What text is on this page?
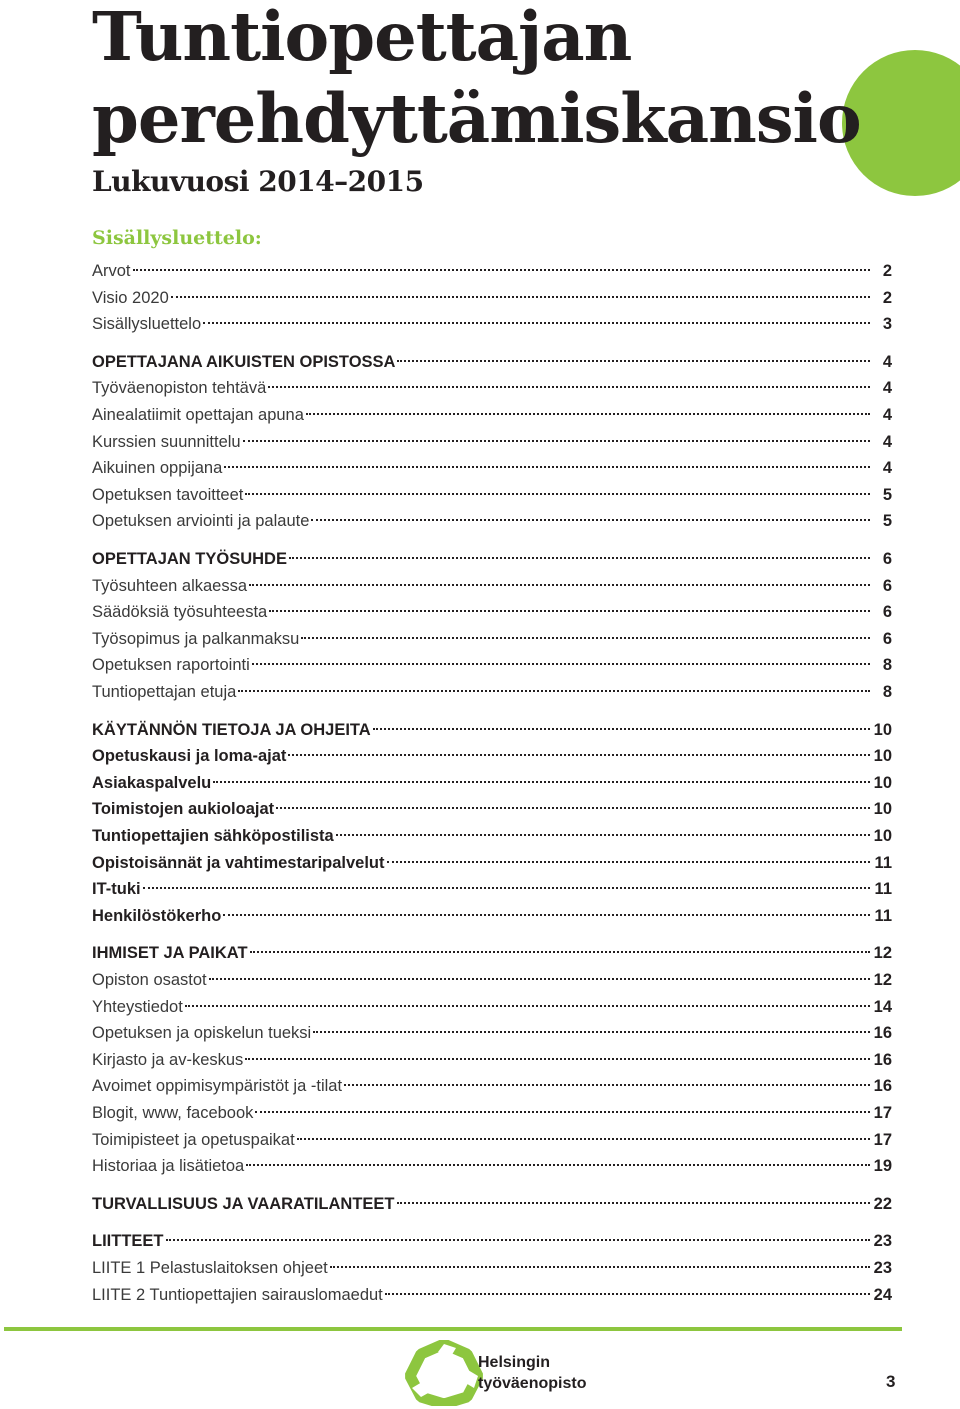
Tuntiopettajan
perehdyttämiskansio
Lukuvuosi 2014–2015
Sisällysluettelo:
Arvot	2
Visio 2020	2
Sisällysluettelo	3
OPETTAJANA AIKUISTEN OPISTOSSA	4
Työväenopiston tehtävä	4
Ainealatiimit opettajan apuna	4
Kurssien suunnittelu	4
Aikuinen oppijana	4
Opetuksen tavoitteet	5
Opetuksen arviointi ja palaute	5
OPETTAJAN TYÖSUHDE	6
Työsuhteen alkaessa	6
Säädöksiä työsuhteesta	6
Työsopimus ja palkanmaksu	6
Opetuksen raportointi	8
Tuntiopettajan etuja	8
KÄYTÄNNÖN TIETOJA JA OHJEITA	10
Opetuskausi ja loma-ajat	10
Asiakaspalvelu	10
Toimistojen aukioloajat	10
Tuntiopettajien sähköpostilista	10
Opistoisännät ja vahtimestaripalvelut	11
IT-tuki	11
Henkilöstökerho	11
IHMISET JA PAIKAT	12
Opiston osastot	12
Yhteystiedot	14
Opetuksen ja opiskelun tueksi	16
Kirjasto ja av-keskus	16
Avoimet oppimisympäristöt ja -tilat	16
Blogit, www, facebook	17
Toimipisteet ja opetuspaikat	17
Historiaa ja lisätietoa	19
TURVALLISUUS JA VAARATILANTEET	22
LIITTEET	23
LIITE 1 Pelastuslaitoksen ohjeet	23
LIITE 2 Tuntiopettajien sairauslomaedut	24
Helsingin
työväenopisto	3
